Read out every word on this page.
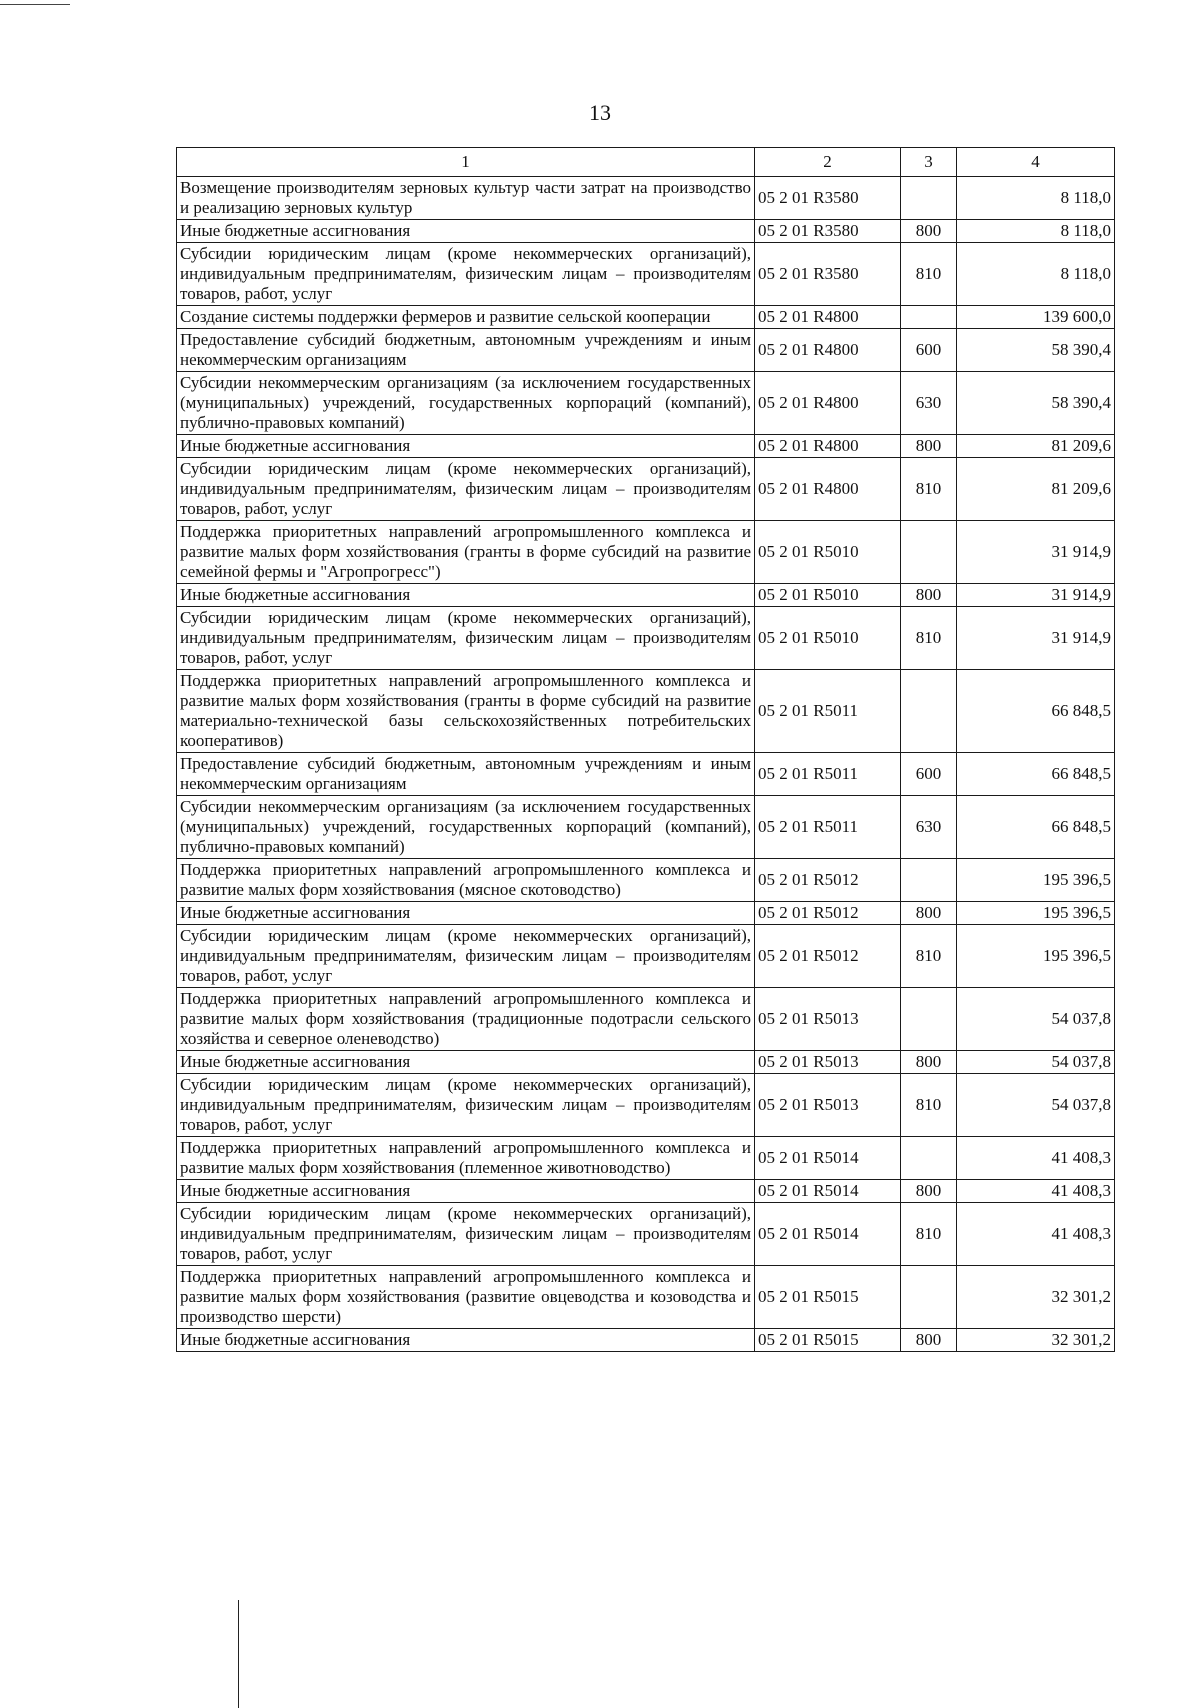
13
1	2	3	4
Возмещение производителям зерновых культур части затрат на производство и реализацию зерновых культур	05 2 01 R3580		8 118,0
Иные бюджетные ассигнования	05 2 01 R3580	800	8 118,0
Субсидии юридическим лицам (кроме некоммерческих организаций), индивидуальным предпринимателям, физическим лицам – производителям товаров, работ, услуг	05 2 01 R3580	810	8 118,0
Создание системы поддержки фермеров и развитие сельской кооперации	05 2 01 R4800		139 600,0
Предоставление субсидий бюджетным, автономным учреждениям и иным некоммерческим организациям	05 2 01 R4800	600	58 390,4
Субсидии некоммерческим организациям (за исключением государственных (муниципальных) учреждений, государственных корпораций (компаний), публично-правовых компаний)	05 2 01 R4800	630	58 390,4
Иные бюджетные ассигнования	05 2 01 R4800	800	81 209,6
Субсидии юридическим лицам (кроме некоммерческих организаций), индивидуальным предпринимателям, физическим лицам – производителям товаров, работ, услуг	05 2 01 R4800	810	81 209,6
Поддержка приоритетных направлений агропромышленного комплекса и развитие малых форм хозяйствования (гранты в форме субсидий на развитие семейной фермы и "Агропрогресс")	05 2 01 R5010		31 914,9
Иные бюджетные ассигнования	05 2 01 R5010	800	31 914,9
Субсидии юридическим лицам (кроме некоммерческих организаций), индивидуальным предпринимателям, физическим лицам – производителям товаров, работ, услуг	05 2 01 R5010	810	31 914,9
Поддержка приоритетных направлений агропромышленного комплекса и развитие малых форм хозяйствования (гранты в форме субсидий на развитие материально-технической базы сельскохозяйственных потребительских кооперативов)	05 2 01 R5011		66 848,5
Предоставление субсидий бюджетным, автономным учреждениям и иным некоммерческим организациям	05 2 01 R5011	600	66 848,5
Субсидии некоммерческим организациям (за исключением государственных (муниципальных) учреждений, государственных корпораций (компаний), публично-правовых компаний)	05 2 01 R5011	630	66 848,5
Поддержка приоритетных направлений агропромышленного комплекса и развитие малых форм хозяйствования (мясное скотоводство)	05 2 01 R5012		195 396,5
Иные бюджетные ассигнования	05 2 01 R5012	800	195 396,5
Субсидии юридическим лицам (кроме некоммерческих организаций), индивидуальным предпринимателям, физическим лицам – производителям товаров, работ, услуг	05 2 01 R5012	810	195 396,5
Поддержка приоритетных направлений агропромышленного комплекса и развитие малых форм хозяйствования (традиционные подотрасли сельского хозяйства и северное оленеводство)	05 2 01 R5013		54 037,8
Иные бюджетные ассигнования	05 2 01 R5013	800	54 037,8
Субсидии юридическим лицам (кроме некоммерческих организаций), индивидуальным предпринимателям, физическим лицам – производителям товаров, работ, услуг	05 2 01 R5013	810	54 037,8
Поддержка приоритетных направлений агропромышленного комплекса и развитие малых форм хозяйствования (племенное животноводство)	05 2 01 R5014		41 408,3
Иные бюджетные ассигнования	05 2 01 R5014	800	41 408,3
Субсидии юридическим лицам (кроме некоммерческих организаций), индивидуальным предпринимателям, физическим лицам – производителям товаров, работ, услуг	05 2 01 R5014	810	41 408,3
Поддержка приоритетных направлений агропромышленного комплекса и развитие малых форм хозяйствования (развитие овцеводства и козоводства и производство шерсти)	05 2 01 R5015		32 301,2
Иные бюджетные ассигнования	05 2 01 R5015	800	32 301,2
